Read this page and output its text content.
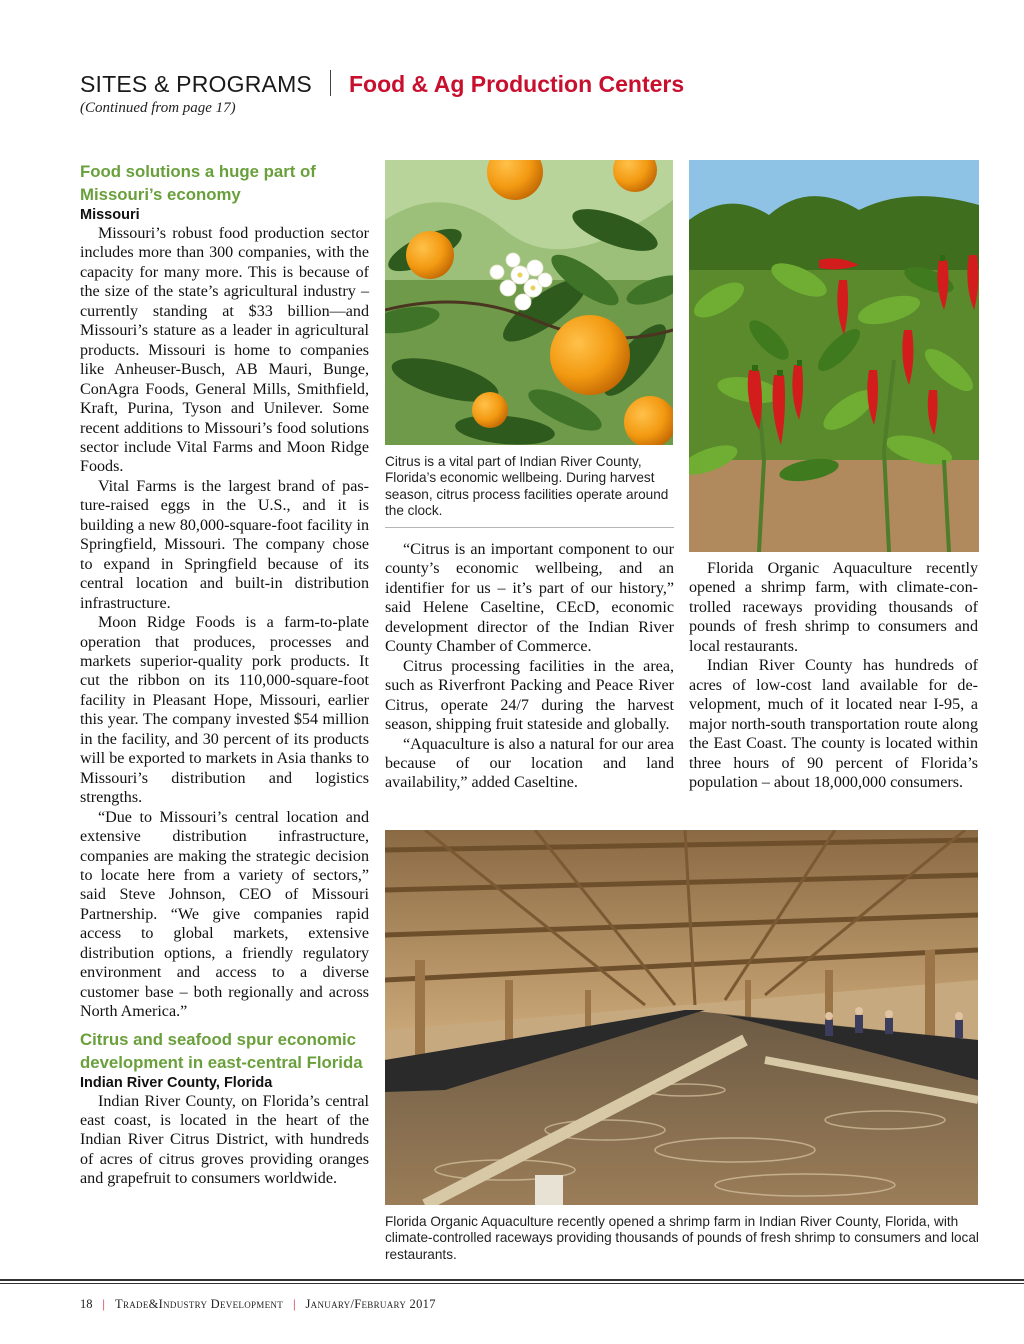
SITES & PROGRAMS Food & Ag Production Centers
(Continued from page 17)
Food solutions a huge part of Missouri’s economy
Missouri

Missouri’s robust food production sector includes more than 300 companies, with the capacity for many more. This is because of the size of the state’s agricultural industry – currently standing at $33 billion—and Missouri’s stature as a leader in agricultural products. Missouri is home to companies like Anheuser-Busch, AB Mauri, Bunge, ConAgra Foods, General Mills, Smithfield, Kraft, Purina, Tyson and Unilever. Some recent additions to Missouri’s food solutions sector include Vital Farms and Moon Ridge Foods.

Vital Farms is the largest brand of pasture-raised eggs in the U.S., and it is building a new 80,000-square-foot facility in Springfield, Missouri. The company chose to expand in Springfield because of its central location and built-in distribution infrastructure.

Moon Ridge Foods is a farm-to-plate operation that produces, processes and markets superior-quality pork products. It cut the ribbon on its 110,000-square-foot facility in Pleasant Hope, Missouri, earlier this year. The company invested $54 million in the facility, and 30 percent of its products will be exported to markets in Asia thanks to Missouri’s distribution and logistics strengths.

“Due to Missouri’s central location and extensive distribution infrastructure, companies are making the strategic decision to locate here from a variety of sectors,” said Steve Johnson, CEO of Missouri Partnership. “We give companies rapid access to global markets, extensive distribution options, a friendly regulatory environment and access to a diverse customer base – both regionally and across North America.”

Citrus and seafood spur economic development in east-central Florida
Indian River County, Florida

Indian River County, on Florida’s central east coast, is located in the heart of the Indian River Citrus District, with hundreds of acres of citrus groves providing oranges and grapefruit to consumers worldwide.

Citrus is a vital part of Indian River County, Florida’s economic wellbeing. During harvest season, citrus process facilities operate around the clock.

“Citrus is an important component to our county’s economic wellbeing, and an identifier for us – it’s part of our history,” said Helene Caseltine, CEcD, economic development director of the Indian River County Chamber of Commerce.

Citrus processing facilities in the area, such as Riverfront Packing and Peace River Citrus, operate 24/7 during the harvest season, shipping fruit stateside and globally.

“Aquaculture is also a natural for our area because of our location and land availability,” added Caseltine.

Florida Organic Aquaculture recently opened a shrimp farm, with climate-controlled raceways providing thousands of pounds of fresh shrimp to consumers and local restaurants.

Indian River County has hundreds of acres of low-cost land available for development, much of it located near I-95, a major north-south transportation route along the East Coast. The county is located within three hours of 90 percent of Florida’s population – about 18,000,000 consumers.

Florida Organic Aquaculture recently opened a shrimp farm in Indian River County, Florida, with climate-controlled raceways providing thousands of pounds of fresh shrimp to consumers and local restaurants.
18 | Trade&Industry Development | January/February 2017
